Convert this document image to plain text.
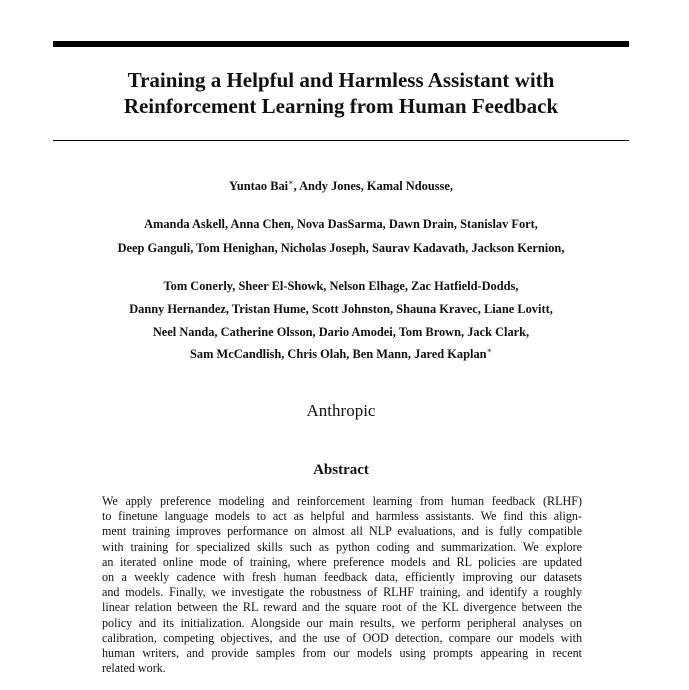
Training a Helpful and Harmless Assistant with
Reinforcement Learning from Human Feedback
Yuntao Bai∗, Andy Jones, Kamal Ndousse,
Amanda Askell, Anna Chen, Nova DasSarma, Dawn Drain, Stanislav Fort,
Deep Ganguli, Tom Henighan, Nicholas Joseph, Saurav Kadavath, Jackson Kernion,
Tom Conerly, Sheer El-Showk, Nelson Elhage, Zac Hatfield-Dodds,
Danny Hernandez, Tristan Hume, Scott Johnston, Shauna Kravec, Liane Lovitt,
Neel Nanda, Catherine Olsson, Dario Amodei, Tom Brown, Jack Clark,
Sam McCandlish, Chris Olah, Ben Mann, Jared Kaplan∗
Anthropic
Abstract
We apply preference modeling and reinforcement learning from human feedback (RLHF)
to finetune language models to act as helpful and harmless assistants. We find this align-
ment training improves performance on almost all NLP evaluations, and is fully compatible
with training for specialized skills such as python coding and summarization. We explore
an iterated online mode of training, where preference models and RL policies are updated
on a weekly cadence with fresh human feedback data, efficiently improving our datasets
and models. Finally, we investigate the robustness of RLHF training, and identify a roughly
linear relation between the RL reward and the square root of the KL divergence between the
policy and its initialization. Alongside our main results, we perform peripheral analyses on
calibration, competing objectives, and the use of OOD detection, compare our models with
human writers, and provide samples from our models using prompts appearing in recent
related work.
